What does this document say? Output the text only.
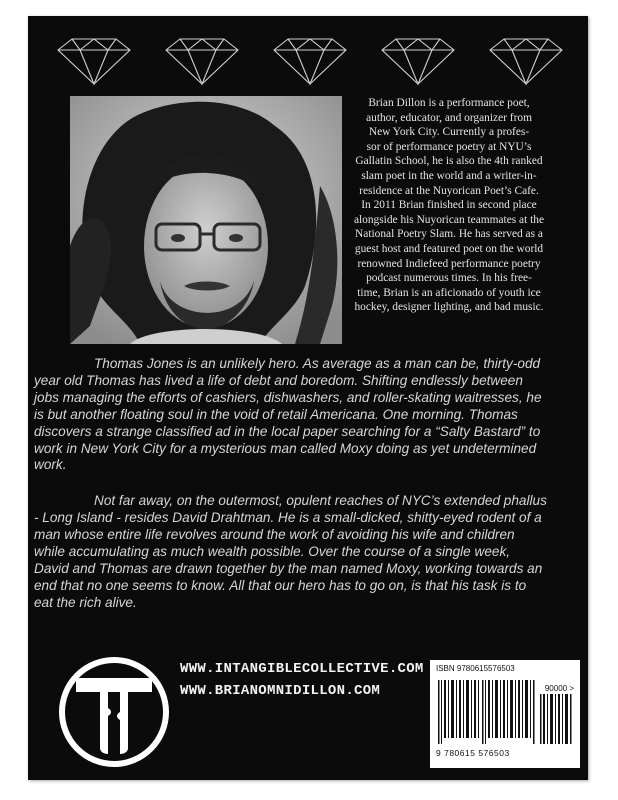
Brian Dillon is a performance poet,

author, educator, and organizer from

New York City. Currently a profes-

sor of performance poetry at NYU’s

Gallatin School, he is also the 4th ranked

slam poet in the world and a writer-in-

residence at the Nuyorican Poet’s Cafe.

In 2011 Brian finished in second place

alongside his Nuyorican teammates at the

National Poetry Slam. He has served as a

guest host and featured poet on the world

renowned Indiefeed performance poetry

podcast numerous times. In his free-

time, Brian is an aficionado of youth ice

hockey, designer lighting, and bad music.

Thomas Jones is an unlikely hero. As average as a man can be, thirty-odd year old Thomas has lived a life of debt and boredom. Shifting endlessly between jobs managing the efforts of cashiers, dishwashers, and roller-skating waitresses, he is but another floating soul in the void of retail Americana. One morning. Thomas discovers a strange classified ad in the local paper searching for a “Salty Bastard” to work in New York City for a mysterious man called Moxy doing as yet undetermined work.

Not far away, on the outermost, opulent reaches of NYC’s extended phallus - Long Island - resides David Drahtman. He is a small-dicked, shitty-eyed rodent of a man whose entire life revolves around the work of avoiding his wife and children while accumulating as much wealth possible. Over the course of a single week, David and Thomas are drawn together by the man named Moxy, working towards an end that no one seems to know. All that our hero has to go on, is that his task is to eat the rich alive.

WWW.INTANGIBLECOLLECTIVE.COM
WWW.BRIANOMNIDILLON.COM
ISBN 9780615576503
90000 >
9 780615 576503
